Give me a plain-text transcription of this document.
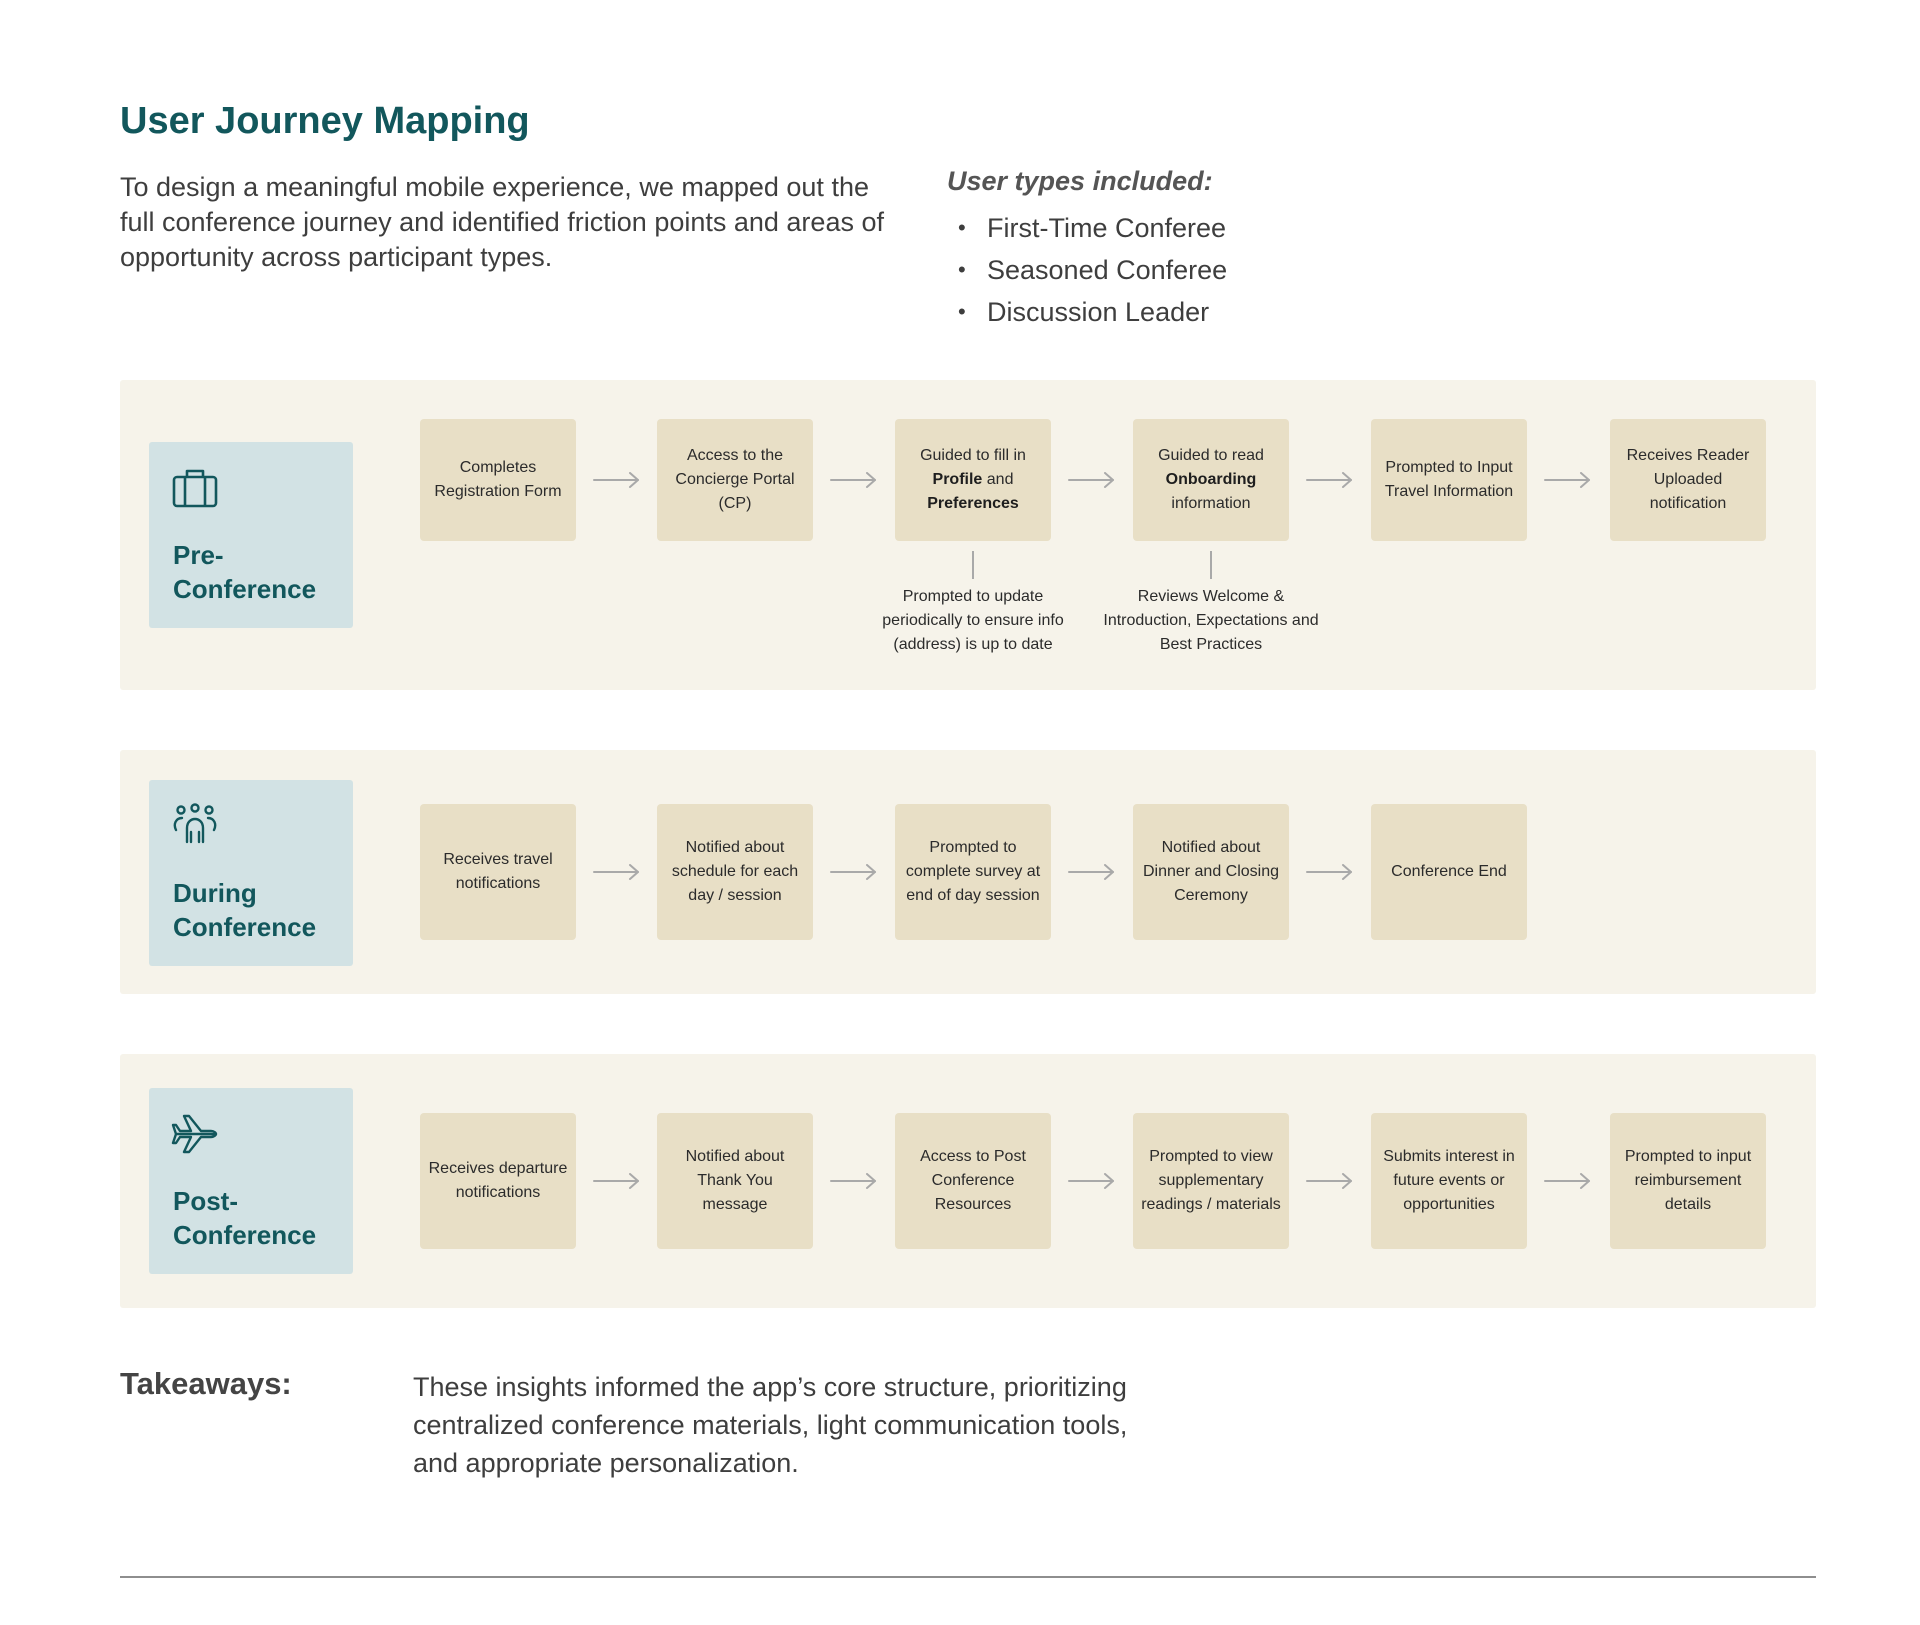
User Journey Mapping

To design a meaningful mobile experience, we mapped out the full conference journey and identified friction points and areas of opportunity across participant types.

User types included:

• First-Time Conferee
• Seasoned Conferee
• Discussion Leader
Pre-
Conference
Completes Registration Form
Access to the Concierge Portal (CP)
Guided to fill in Profile and Preferences
Guided to read Onboarding information
Prompted to Input Travel Information
Receives Reader Uploaded notification
Prompted to update periodically to ensure info (address) is up to date
Reviews Welcome & Introduction, Expectations and Best Practices
During
Conference
Receives travel notifications
Notified about schedule for each day / session
Prompted to complete survey at end of day session
Notified about Dinner and Closing Ceremony
Conference End
Post-
Conference
Receives departure notifications
Notified about Thank You message
Access to Post Conference Resources
Prompted to view supplementary readings / materials
Submits interest in future events or opportunities
Prompted to input reimbursement details
Takeaways:	These insights informed the app’s core structure, prioritizing centralized conference materials, light communication tools, and appropriate personalization.
